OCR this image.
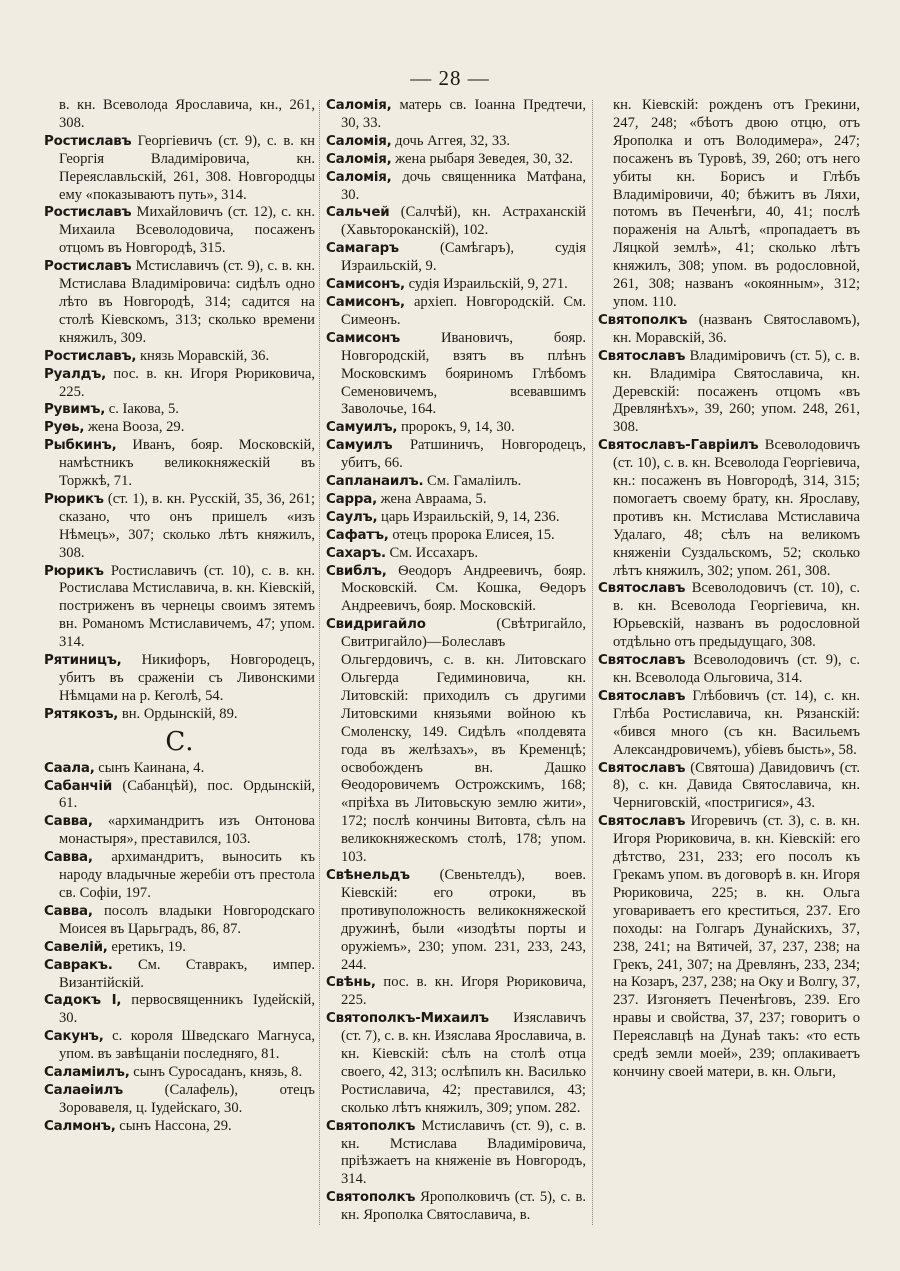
— 28 —

в. кн. Всеволода Ярославича, кн., 261, 308.

Ростиславъ Георгіевичъ (ст. 9), с. в. кн Георгія Владиміровича, кн. Переяславльскій, 261, 308. Новгородцы ему «показываютъ путь», 314.

Ростиславъ Михайловичъ (ст. 12), с. кн. Михаила Всеволодовича, посаженъ отцомъ въ Новгородѣ, 315.

Ростиславъ Мстиславичъ (ст. 9), с. в. кн. Мстислава Владиміровича: сидѣлъ одно лѣто въ Новгородѣ, 314; садится на столѣ Кіевскомъ, 313; сколько времени княжилъ, 309.

Ростиславъ, князь Моравскій, 36.

Руалдъ, пос. в. кн. Игоря Рюриковича, 225.

Рувимъ, с. Іакова, 5.

Руѳь, жена Вооза, 29.

Рыбкинъ, Иванъ, бояр. Московскій, намѣстникъ великокняжескій въ Торжкѣ, 71.

Рюрикъ (ст. 1), в. кн. Русскій, 35, 36, 261; сказано, что онъ пришелъ «изъ Нѣмецъ», 307; сколько лѣтъ княжилъ, 308.

Рюрикъ Ростиславичъ (ст. 10), с. в. кн. Ростислава Мстиславича, в. кн. Кіевскій, постриженъ въ чернецы своимъ зятемъ вн. Романомъ Мстиславичемъ, 47; упом. 314.

Рятиницъ, Никифоръ, Новгородецъ, убитъ въ сраженіи съ Ливонскими Нѣмцами на р. Кеголѣ, 54.

Рятякозъ, вн. Ордынскій, 89.

С.

Саала, сынъ Каинана, 4.

Сабанчій (Сабанцѣй), пос. Ордынскій, 61.

Савва, «архимандритъ изъ Онтонова монастыря», преставился, 103.

Савва, архимандритъ, выносить къ народу владычные жеребіи отъ престола св. Софіи, 197.

Савва, посолъ владыки Новгородскаго Моисея въ Царьградъ, 86, 87.

Савелій, еретикъ, 19.

Савракъ. См. Ставракъ, импер. Византійскій.

Садокъ І, первосвященникъ Іудейскій, 30.

Сакунъ, с. короля Шведскаго Магнуса, упом. въ завѣщаніи последняго, 81.

Саламіилъ, сынъ Суросаданъ, князь, 8.

Салаѳіилъ	(Салафель), отецъ Зоровавеля, ц. Іудейскаго, 30.

Салмонъ, сынъ Нассона, 29.

Саломія, матерь св. Іоанна Предтечи, 30, 33.

Саломія, дочь Аггея, 32, 33.

Саломія, жена рыбаря Зеведея, 30, 32.

Саломія, дочь священника Матфана, 30.

Сальчей (Салчѣй), кн. Астраханскій (Хавьтороканскій), 102.

Самагаръ	(Самѣгаръ), судія Израильскій, 9.

Самисонъ, судія Израильскій, 9, 271.

Самисонъ, архіеп. Новгородскій. См. Симеонъ.

Самисонъ	Ивановичъ, бояр. Новгородскій, взятъ въ плѣнъ Московскимъ бояриномъ Глѣбомъ Семеновичемъ, всевавшимъ Заволочье, 164.

Самуилъ, пророкъ, 9, 14, 30.

Самуилъ Ратшиничъ, Новгородецъ, убитъ, 66.

Сапланаилъ. См. Гамаліилъ.

Сарра, жена Авраама, 5.

Саулъ, царь Израильскій, 9, 14, 236.

Сафатъ, отецъ пророка Елисея, 15.

Сахаръ. См. Иссахаръ.

Свиблъ, Ѳеодоръ Андреевичъ, бояр. Московскій. См. Кошка, Ѳедоръ Андреевичъ, бояр. Московскій.

Свидригайло	(Свѣтригайло, Свитригайло)—Болеславъ Ольгердовичъ, с. в. кн. Литовскаго Ольгерда Гедиминовича, кн. Литовскій: приходилъ съ другими Литовскими князьями войною къ Смоленску, 149. Сидѣлъ «полдевята года въ желѣзахъ», въ Кременцѣ; освобожденъ вн. Дашко Ѳеодоровичемъ Острожскимъ, 168; «пріѣха въ Литовьскую землю жити», 172; послѣ кончины Витовта, сѣлъ на великокняжескомъ столѣ, 178; упом. 103.

Свѣнельдъ (Свеньтелдъ), воев. Кіевскій: его отроки, въ противуположность великокняжеской дружинѣ, были «изодѣты порты и оружіемъ», 230; упом. 231, 233, 243, 244.

Свѣнь, пос. в. кн. Игоря Рюриковича, 225.

Святополкъ-Михаилъ Изяславичъ (ст. 7), с. в. кн. Изяслава Ярославича, в. кн. Кіевскій: сѣлъ на столѣ отца своего, 42, 313; ослѣпилъ кн. Василько Ростиславича, 42; преставился, 43; сколько лѣтъ княжилъ, 309; упом. 282.

Святополкъ Мстиславичъ (ст. 9), с. в. кн. Мстислава Владиміровича, пріѣзжаетъ на княженіе въ Новгородъ, 314.

Святополкъ Ярополковичъ (ст. 5), с. в. кн. Ярополка Святославича, в.

кн. Кіевскій: рожденъ отъ Грекини, 247, 248; «бѣотъ двою отцю, отъ Ярополка и отъ Володимера», 247; посаженъ въ Туровѣ, 39, 260; отъ него убиты кн. Борисъ и Глѣбъ Владиміровичи, 40; бѣжитъ въ Ляхи, потомъ въ Печенѣги, 40, 41; послѣ пораженія на Альтѣ, «пропадаетъ въ Ляцкой землѣ», 41; сколько лѣтъ княжилъ, 308; упом. въ родословной, 261, 308; названъ «окоянным», 312; упом. 110.

Святополкъ (названъ Святославомъ), кн. Моравскій, 36.

Святославъ Владиміровичъ (ст. 5), с. в. кн. Владиміра Святославича, кн. Деревскій: посаженъ отцомъ «въ Древлянѣхъ», 39, 260; упом. 248, 261, 308.

Святославъ-Гавріилъ Всеволодовичъ (ст. 10), с. в. кн. Всеволода Георгіевича, кн.: посаженъ въ Новгородѣ, 314, 315; помогаетъ своему брату, кн. Ярославу, противъ кн. Мстислава Мстиславича Удалаго, 48; сѣлъ на великомъ княженіи Суздальскомъ, 52; сколько лѣтъ княжилъ, 302; упом. 261, 308.

Святославъ Всеволодовичъ (ст. 10), с. в. кн. Всеволода Георгіевича, кн. Юрьевскій, названъ въ родословной отдѣльно отъ предыдущаго, 308.

Святославъ Всеволодовичъ (ст. 9), с. кн. Всеволода Ольговича, 314.

Святославъ Глѣбовичъ (ст. 14), с. кн. Глѣба Ростиславича, кн. Рязанскій: «бився много (съ кн. Васильемъ Александровичемъ), убіевъ бысть», 58.

Святославъ (Святоша) Давидовичъ (ст. 8), с. кн. Давида Святославича, кн. Черниговскій, «постригися», 43.

Святославъ Игоревичъ (ст. 3), с. в. кн. Игоря Рюриковича, в. кн. Кіевскій: его дѣтство, 231, 233; его посолъ къ Грекамъ упом. въ договорѣ в. кн. Игоря Рюриковича, 225; в. кн. Ольга уговариваетъ его креститься, 237. Его походы: на Голгаръ Дунайскихъ, 37, 238, 241; на Вятичей, 37, 237, 238; на Грекъ, 241, 307; на Древлянъ, 233, 234; на Козаръ, 237, 238; на Оку и Волгу, 37, 237. Изгоняетъ Печенѣговъ, 239. Его нравы и свойства, 37, 237; говоритъ о Переяславцѣ на Дунаѣ такъ: «то есть средѣ земли моей», 239; оплакиваетъ кончину своей матери, в. кн. Ольги,
